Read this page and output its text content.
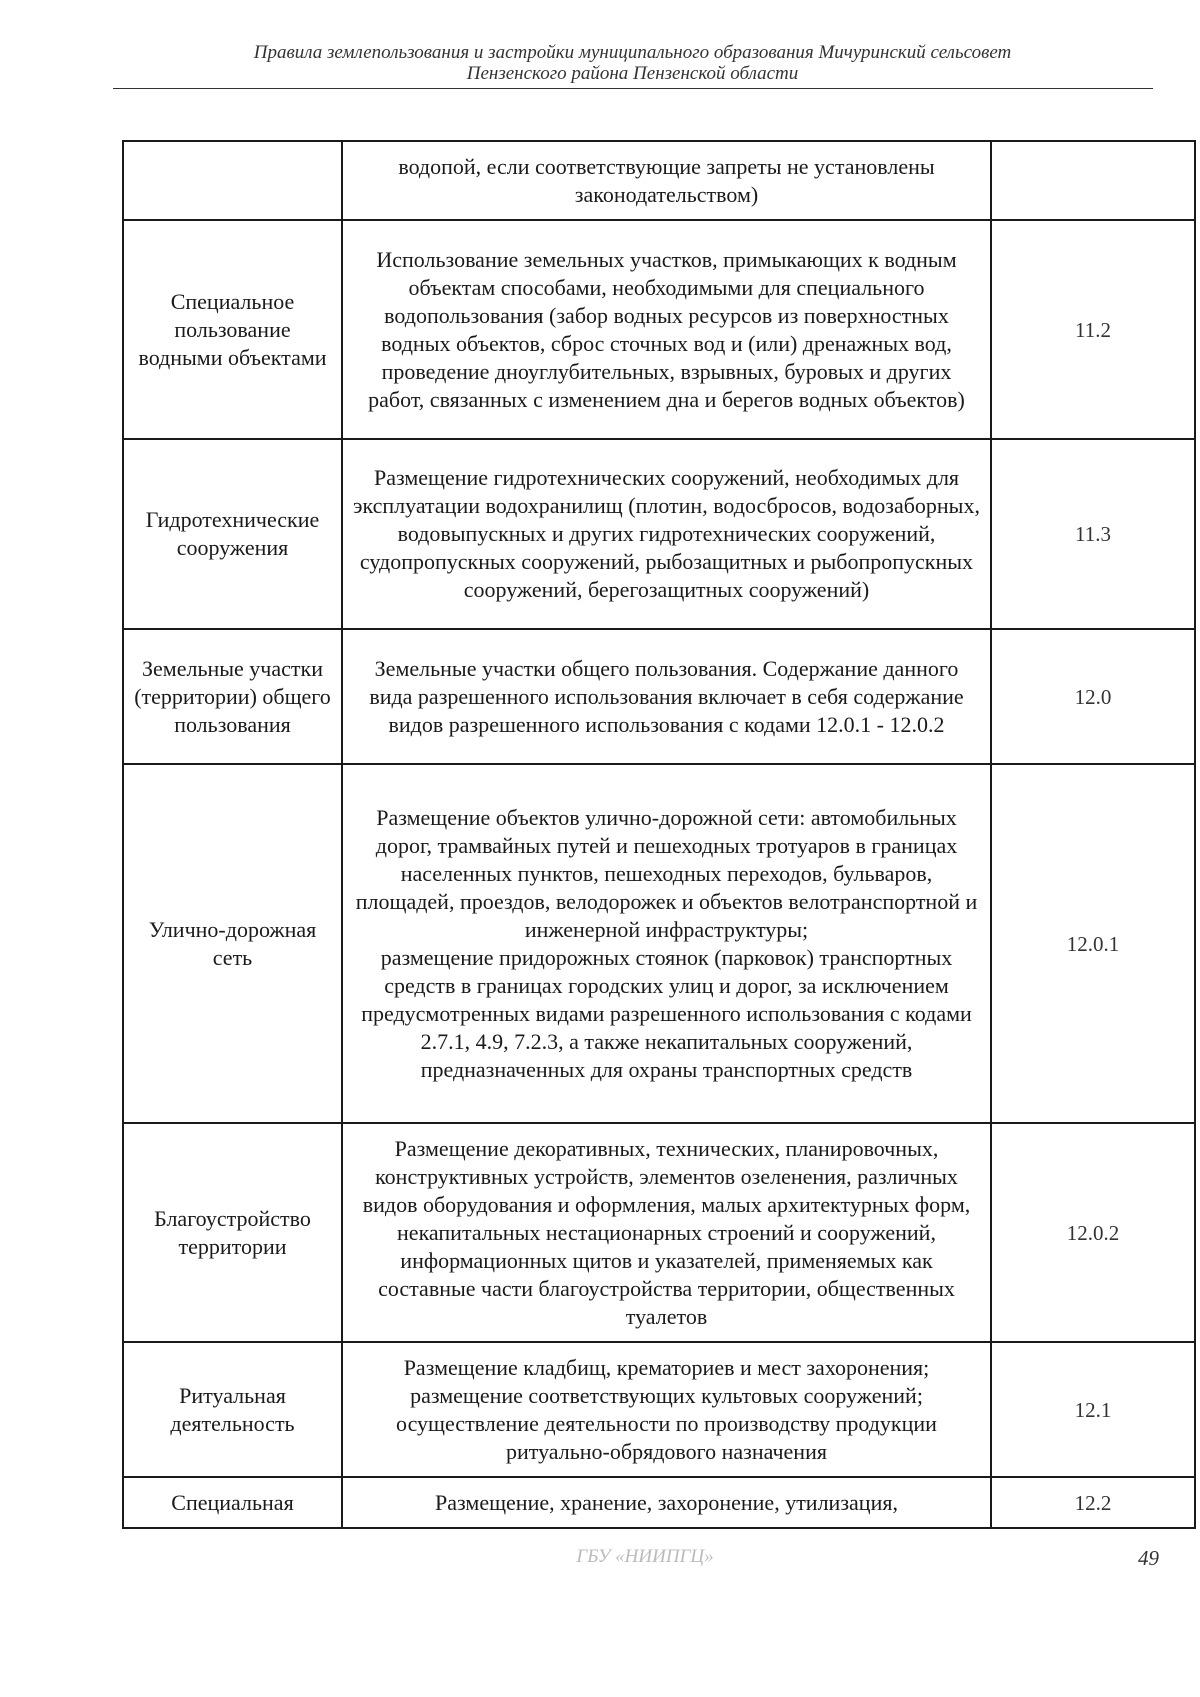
Правила землепользования и застройки муниципального образования Мичуринский сельсовет
Пензенского района Пензенской области
	водопой, если соответствующие запреты не установлены законодательством)	

Специальное пользование водными объектами	Использование земельных участков, примыкающих к водным объектам способами, необходимыми для специального водопользования (забор водных ресурсов из поверхностных водных объектов, сброс сточных вод и (или) дренажных вод, проведение дноуглубительных, взрывных, буровых и других работ, связанных с изменением дна и берегов водных объектов)	11.2

Гидротехнические сооружения	Размещение гидротехнических сооружений, необходимых для эксплуатации водохранилищ (плотин, водосбросов, водозаборных, водовыпускных и других гидротехнических сооружений, судопропускных сооружений, рыбозащитных и рыбопропускных сооружений, берегозащитных сооружений)	11.3

Земельные участки (территории) общего пользования	Земельные участки общего пользования. Содержание данного вида разрешенного использования включает в себя содержание видов разрешенного использования с кодами 12.0.1 - 12.0.2	12.0

Улично-дорожная сеть	Размещение объектов улично-дорожной сети: автомобильных дорог, трамвайных путей и пешеходных тротуаров в границах населенных пунктов, пешеходных переходов, бульваров, площадей, проездов, велодорожек и объектов велотранспортной и инженерной инфраструктуры;
размещение придорожных стоянок (парковок) транспортных средств в границах городских улиц и дорог, за исключением предусмотренных видами разрешенного использования с кодами 2.7.1, 4.9, 7.2.3, а также некапитальных сооружений, предназначенных для охраны транспортных средств	12.0.1

Благоустройство территории	Размещение декоративных, технических, планировочных, конструктивных устройств, элементов озеленения, различных видов оборудования и оформления, малых архитектурных форм, некапитальных нестационарных строений и сооружений, информационных щитов и указателей, применяемых как составные части благоустройства территории, общественных туалетов	12.0.2

Ритуальная деятельность	Размещение кладбищ, крематориев и мест захоронения;
размещение соответствующих культовых сооружений;
осуществление деятельности по производству продукции ритуально-обрядового назначения	12.1

Специальная	Размещение, хранение, захоронение, утилизация,	12.2
ГБУ «НИИПГЦ»	49
